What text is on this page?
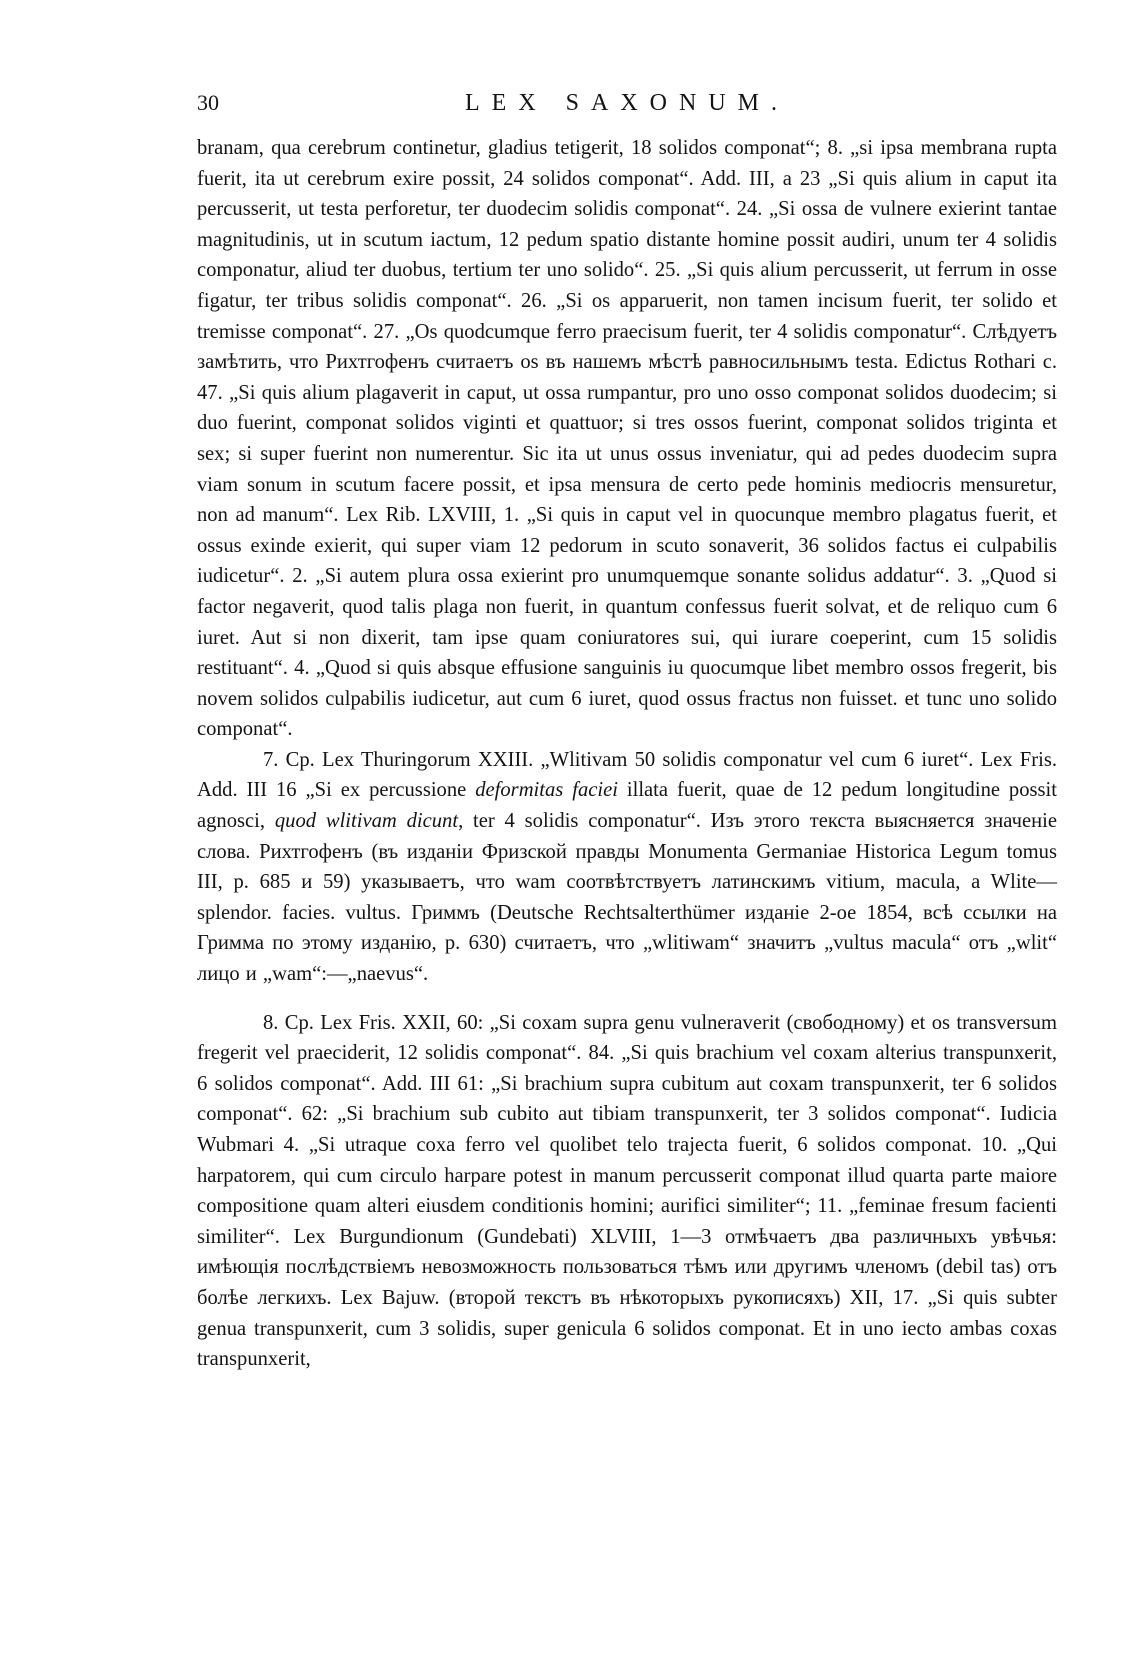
30	LEX SAXONUM.

branam, qua cerebrum continetur, gladius tetigerit, 18 solidos componat“; 8. „si ipsa membrana rupta fuerit, ita ut cerebrum exire possit, 24 solidos componat“. Add. III, a 23 „Si quis alium in caput ita percusserit, ut testa perforetur, ter duodecim solidis componat“. 24. „Si ossa de vulnere exierint tantae magnitudinis, ut in scutum iactum, 12 pedum spatio distante homine possit audiri, unum ter 4 solidis componatur, aliud ter duobus, tertium ter uno solido“. 25. „Si quis alium percusserit, ut ferrum in osse figatur, ter tribus solidis componat“. 26. „Si os apparuerit, non tamen incisum fuerit, ter solido et tremisse componat“. 27. „Os quodcumque ferro praecisum fuerit, ter 4 solidis componatur“. Слѣдуетъ замѣтить, что Рихтгофенъ считаетъ os въ нашемъ мѣстѣ равносильнымъ testa. Edictus Rothari c. 47. „Si quis alium plagaverit in caput, ut ossa rumpantur, pro uno osso componat solidos duodecim; si duo fuerint, componat solidos viginti et quattuor; si tres ossos fuerint, componat solidos triginta et sex; si super fuerint non numerentur. Sic ita ut unus ossus inveniatur, qui ad pedes duodecim supra viam sonum in scutum facere possit, et ipsa mensura de certo pede hominis mediocris mensuretur, non ad manum“. Lex Rib. LXVIII, 1. „Si quis in caput vel in quocunque membro plagatus fuerit, et ossus exinde exierit, qui super viam 12 pedorum in scuto sonaverit, 36 solidos factus ei culpabilis iudicetur“. 2. „Si autem plura ossa exierint pro unumquemque sonante solidus addatur“. 3. „Quod si factor negaverit, quod talis plaga non fuerit, in quantum confessus fuerit solvat, et de reliquo cum 6 iuret. Aut si non dixerit, tam ipse quam coniuratores sui, qui iurare coeperint, cum 15 solidis restituant“. 4. „Quod si quis absque effusione sanguinis iu quocumque libet membro ossos fregerit, bis novem solidos culpabilis iudicetur, aut cum 6 iuret, quod ossus fractus non fuisset. et tunc uno solido componat“.

7. Cp. Lex Thuringorum XXIII. „Wlitivam 50 solidis componatur vel cum 6 iuret“. Lex Fris. Add. III 16 „Si ex percussione deformitas faciei illata fuerit, quae de 12 pedum longitudine possit agnosci, quod wlitivam dicunt, ter 4 solidis componatur“. Изъ этого текста выясняется значеніе слова. Рихтгофенъ (въ изданіи Фризской правды Monumenta Germaniae Historica Legum tomus III, p. 685 и 59) указываетъ, что wam соотвѣтствуетъ латинскимъ vitium, macula, a Wlite—splendor. facies. vultus. Гриммъ (Deutsche Rechtsalterthümer изданіе 2-ое 1854, всѣ ссылки на Гримма по этому изданію, p. 630) считаетъ, что „wlitiwam“ значитъ „vultus macula“ отъ „wlit“ лицо и „wam“:—„naevus“.

8. Cp. Lex Fris. XXII, 60: „Si coxam supra genu vulneraverit (свободному) et os transversum fregerit vel praeciderit, 12 solidis componat“. 84. „Si quis brachium vel coxam alterius transpunxerit, 6 solidos componat“. Add. III 61: „Si brachium supra cubitum aut coxam transpunxerit, ter 6 solidos componat“. 62: „Si brachium sub cubito aut tibiam transpunxerit, ter 3 solidos componat“. Iudicia Wubmari 4. „Si utraque coxa ferro vel quolibet telo trajecta fuerit, 6 solidos componat. 10. „Qui harpatorem, qui cum circulo harpare potest in manum percusserit componat illud quarta parte maiore compositione quam alteri eiusdem conditionis homini; aurifici similiter“; 11. „feminae fresum facienti similiter“. Lex Burgundionum (Gundebati) XLVIII, 1—3 отмѣчаетъ два различныхъ увѣчья: имѣющія послѣдствіемъ невозможность пользоваться тѣмъ или другимъ членомъ (debil tas) отъ болѣе легкихъ. Lex Bajuw. (второй текстъ въ нѣкоторыхъ рукописяхъ) XII, 17. „Si quis subter genua transpunxerit, cum 3 solidis, super genicula 6 solidos componat. Et in uno iecto ambas coxas transpunxerit,
